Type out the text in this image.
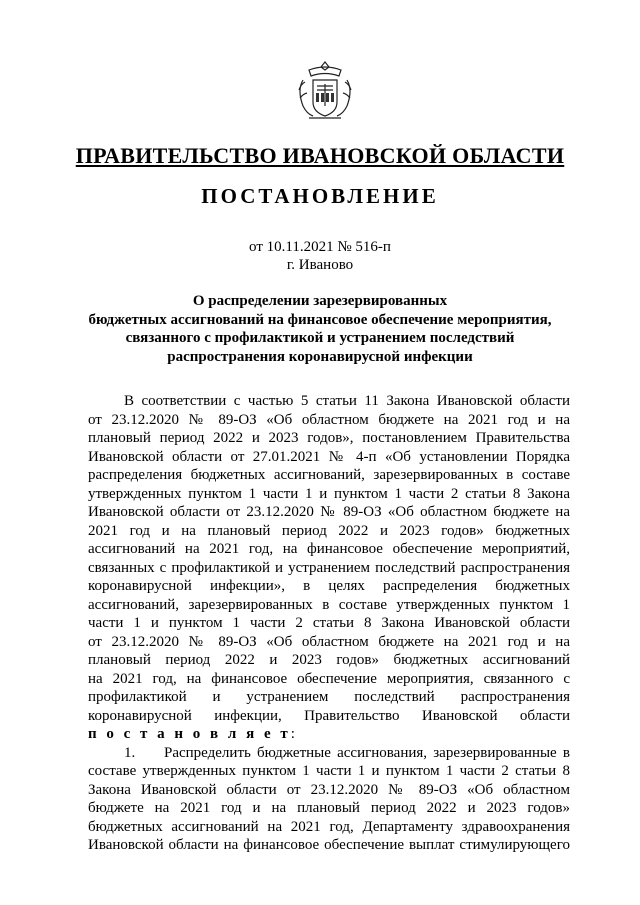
ПРАВИТЕЛЬСТВО ИВАНОВСКОЙ ОБЛАСТИ
ПОСТАНОВЛЕНИЕ
от 10.11.2021 № 516-п
г. Иваново
О распределении зарезервированных
бюджетных ассигнований на финансовое обеспечение мероприятия,
связанного с профилактикой и устранением последствий
распространения коронавирусной инфекции
В соответствии с частью 5 статьи 11 Закона Ивановской области
от 23.12.2020 № 89-ОЗ «Об областном бюджете на 2021 год и на
плановый период 2022 и 2023 годов», постановлением Правительства
Ивановской области от 27.01.2021 № 4-п «Об установлении Порядка
распределения бюджетных ассигнований, зарезервированных в составе
утвержденных пунктом 1 части 1 и пунктом 1 части 2 статьи 8 Закона
Ивановской области от 23.12.2020 № 89-ОЗ «Об областном бюджете на
2021 год и на плановый период 2022 и 2023 годов» бюджетных
ассигнований на 2021 год, на финансовое обеспечение мероприятий,
связанных с профилактикой и устранением последствий распространения
коронавирусной инфекции», в целях распределения бюджетных
ассигнований, зарезервированных в составе утвержденных пунктом 1
части 1 и пунктом 1 части 2 статьи 8 Закона Ивановской области
от 23.12.2020 № 89-ОЗ «Об областном бюджете на 2021 год и на
плановый период 2022 и 2023 годов» бюджетных ассигнований
на 2021 год, на финансовое обеспечение мероприятия, связанного с
профилактикой и устранением последствий распространения
коронавирусной инфекции, Правительство Ивановской области
п о с т а н о в л я е т:
1. Распределить бюджетные ассигнования, зарезервированные в
составе утвержденных пунктом 1 части 1 и пунктом 1 части 2 статьи 8
Закона Ивановской области от 23.12.2020 № 89-ОЗ «Об областном
бюджете на 2021 год и на плановый период 2022 и 2023 годов»
бюджетных ассигнований на 2021 год, Департаменту здравоохранения
Ивановской области на финансовое обеспечение выплат стимулирующего
